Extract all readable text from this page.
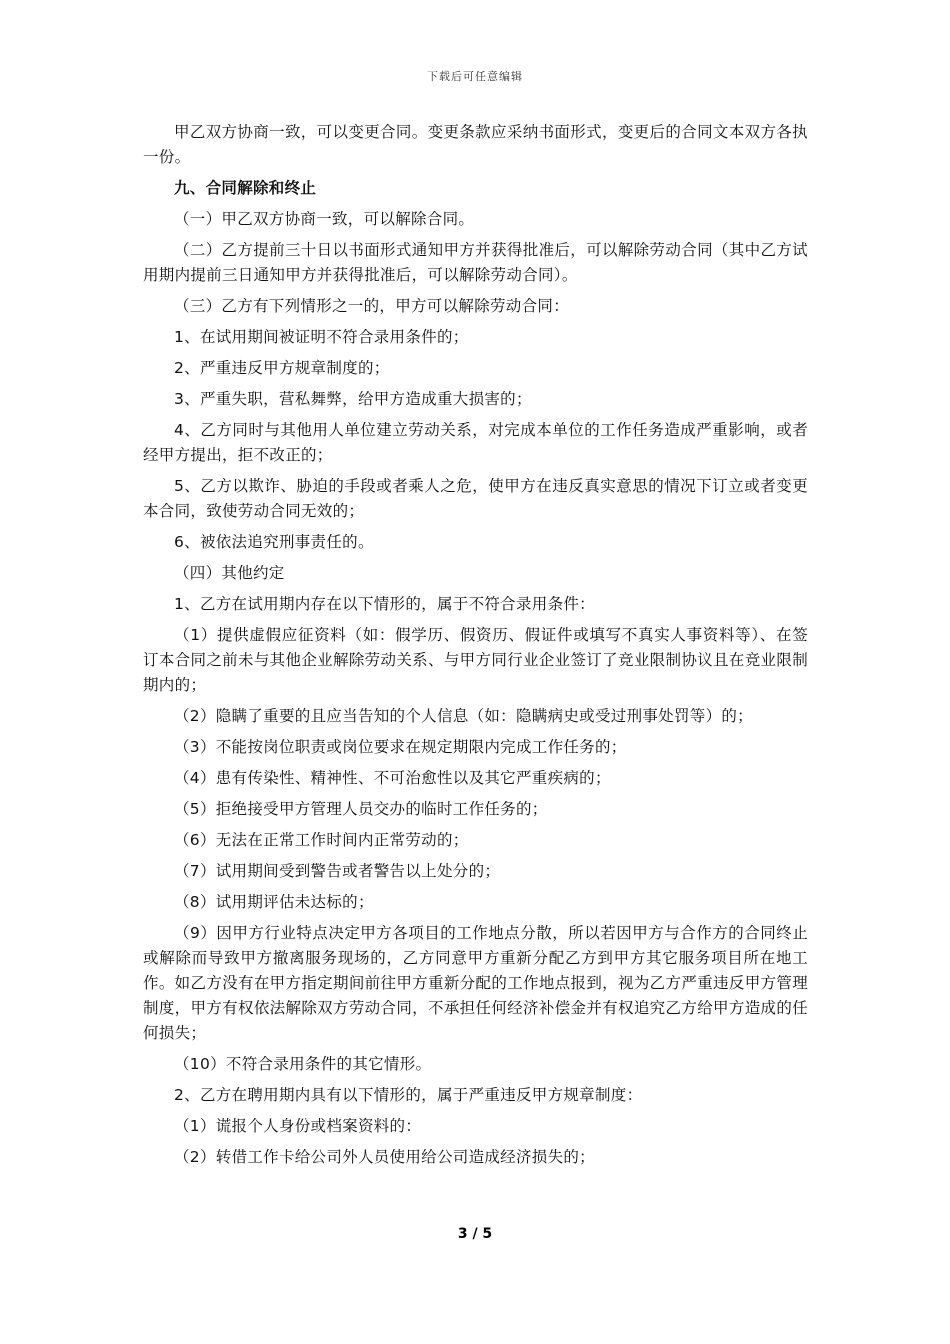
下载后可任意编辑

甲乙双方协商一致，可以变更合同。变更条款应采纳书面形式，变更后的合同文本双方各执一份。

九、合同解除和终止

（一）甲乙双方协商一致，可以解除合同。

（二）乙方提前三十日以书面形式通知甲方并获得批准后，可以解除劳动合同（其中乙方试用期内提前三日通知甲方并获得批准后，可以解除劳动合同）。

（三）乙方有下列情形之一的，甲方可以解除劳动合同：

1、在试用期间被证明不符合录用条件的；

2、严重违反甲方规章制度的；

3、严重失职，营私舞弊，给甲方造成重大损害的；

4、乙方同时与其他用人单位建立劳动关系，对完成本单位的工作任务造成严重影响，或者经甲方提出，拒不改正的；

5、乙方以欺诈、胁迫的手段或者乘人之危，使甲方在违反真实意思的情况下订立或者变更本合同，致使劳动合同无效的；

6、被依法追究刑事责任的。

（四）其他约定

1、乙方在试用期内存在以下情形的，属于不符合录用条件：

（1）提供虚假应征资料（如：假学历、假资历、假证件或填写不真实人事资料等）、在签订本合同之前未与其他企业解除劳动关系、与甲方同行业企业签订了竞业限制协议且在竞业限制期内的；

（2）隐瞒了重要的且应当告知的个人信息（如：隐瞒病史或受过刑事处罚等）的；

（3）不能按岗位职责或岗位要求在规定期限内完成工作任务的；

（4）患有传染性、精神性、不可治愈性以及其它严重疾病的；

（5）拒绝接受甲方管理人员交办的临时工作任务的；

（6）无法在正常工作时间内正常劳动的；

（7）试用期间受到警告或者警告以上处分的；

（8）试用期评估未达标的；

（9）因甲方行业特点决定甲方各项目的工作地点分散，所以若因甲方与合作方的合同终止或解除而导致甲方撤离服务现场的，乙方同意甲方重新分配乙方到甲方其它服务项目所在地工作。如乙方没有在甲方指定期间前往甲方重新分配的工作地点报到，视为乙方严重违反甲方管理制度，甲方有权依法解除双方劳动合同，不承担任何经济补偿金并有权追究乙方给甲方造成的任何损失；

（10）不符合录用条件的其它情形。

2、乙方在聘用期内具有以下情形的，属于严重违反甲方规章制度：

（1）谎报个人身份或档案资料的：

（2）转借工作卡给公司外人员使用给公司造成经济损失的；

3 / 5
